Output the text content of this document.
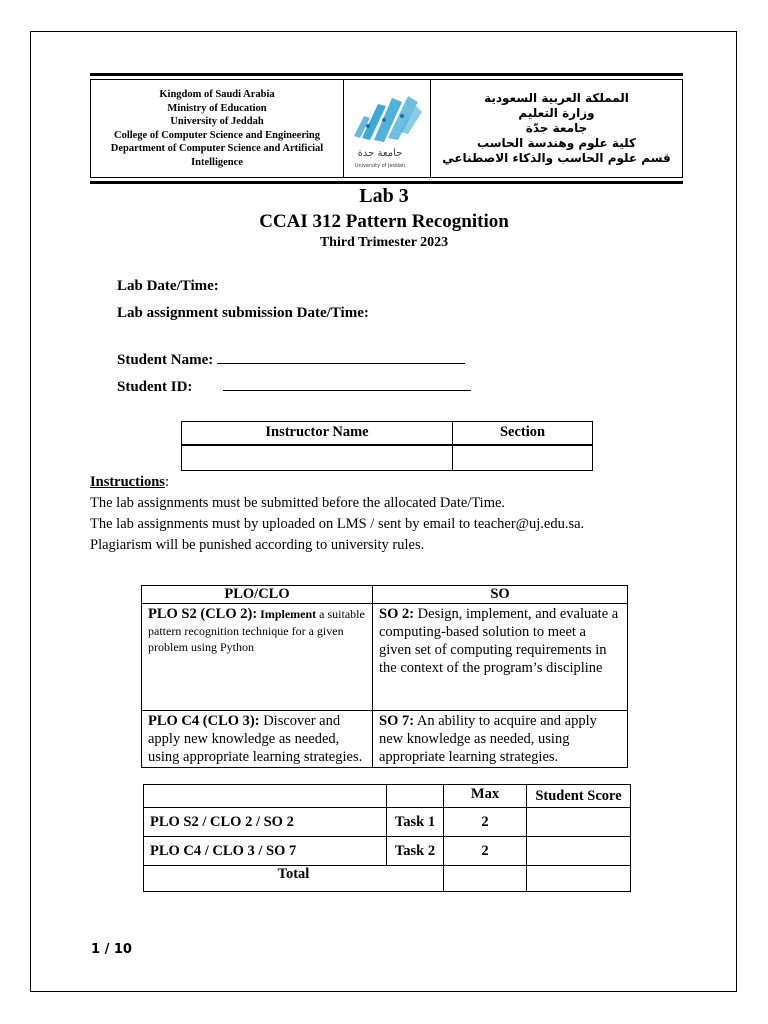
Kingdom of Saudi Arabia
Ministry of Education
University of Jeddah
College of Computer Science and Engineering
Department of Computer Science and Artificial
Intelligence
جامعة جدة
University of Jeddah
المملكة العربية السعودية
وزارة التعليم
جامعة جدّة
كلية علوم وهندسة الحاسب
قسم علوم الحاسب والذكاء الاصطناعي
Lab 3
CCAI 312 Pattern Recognition
Third Trimester 2023
Lab Date/Time:
Lab assignment submission Date/Time:
Student Name:
Student ID:
Instructor Name	Section

Instructions:
The lab assignments must be submitted before the allocated Date/Time.
The lab assignments must by uploaded on LMS / sent by email to teacher@uj.edu.sa.
Plagiarism will be punished according to university rules.
PLO/CLO	SO
PLO S2 (CLO 2): Implement a suitable pattern recognition technique for a given problem using Python	SO 2: Design, implement, and evaluate a computing-based solution to meet a given set of computing requirements in the context of the program’s discipline
PLO C4 (CLO 3): Discover and apply new knowledge as needed, using appropriate learning strategies.	SO 7: An ability to acquire and apply new knowledge as needed, using appropriate learning strategies.
		Max	Student Score
PLO S2 / CLO 2 / SO 2	Task 1	2	
PLO C4 / CLO 3 / SO 7	Task 2	2	
Total			
1 / 10
